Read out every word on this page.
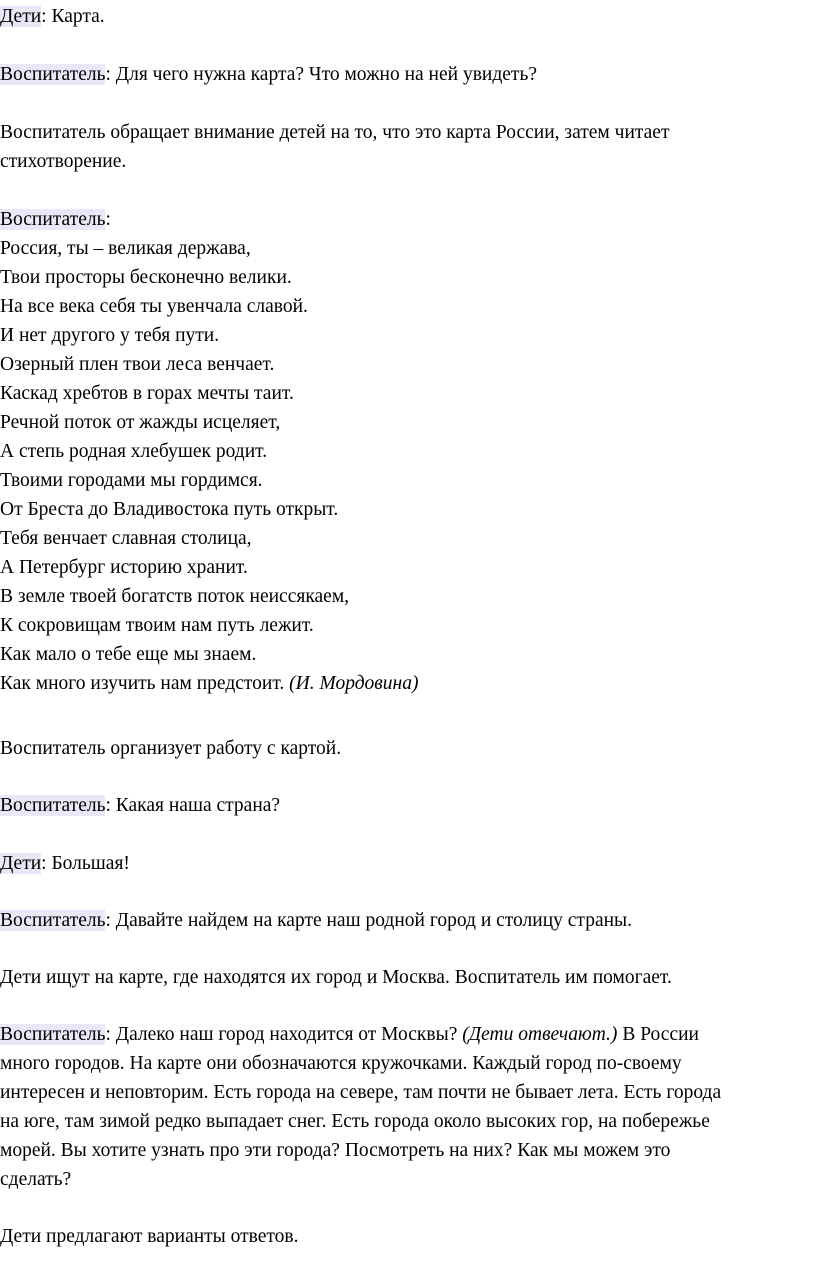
Дети: Карта.

Воспитатель: Для чего нужна карта? Что можно на ней увидеть?

Воспитатель обращает внимание детей на то, что это карта России, затем читает
стихотворение.

Воспитатель:
Россия, ты – великая держава,
Твои просторы бесконечно велики.
На все века себя ты увенчала славой.
И нет другого у тебя пути.
Озерный плен твои леса венчает.
Каскад хребтов в горах мечты таит.
Речной поток от жажды исцеляет,
А степь родная хлебушек родит.
Твоими городами мы гордимся.
От Бреста до Владивостока путь открыт.
Тебя венчает славная столица,
А Петербург историю хранит.
В земле твоей богатств поток неиссякаем,
К сокровищам твоим нам путь лежит.
Как мало о тебе еще мы знаем.
Как много изучить нам предстоит. (И. Мордовина)

Воспитатель организует работу с картой.

Воспитатель: Какая наша страна?

Дети: Большая!

Воспитатель: Давайте найдем на карте наш родной город и столицу страны.

Дети ищут на карте, где находятся их город и Москва. Воспитатель им помогает.

Воспитатель: Далеко наш город находится от Москвы? (Дети отвечают.) В России
много городов. На карте они обозначаются кружочками. Каждый город по-своему
интересен и неповторим. Есть города на севере, там почти не бывает лета. Есть города
на юге, там зимой редко выпадает снег. Есть города около высоких гор, на побережье
морей. Вы хотите узнать про эти города? Посмотреть на них? Как мы можем это
сделать?

Дети предлагают варианты ответов.
